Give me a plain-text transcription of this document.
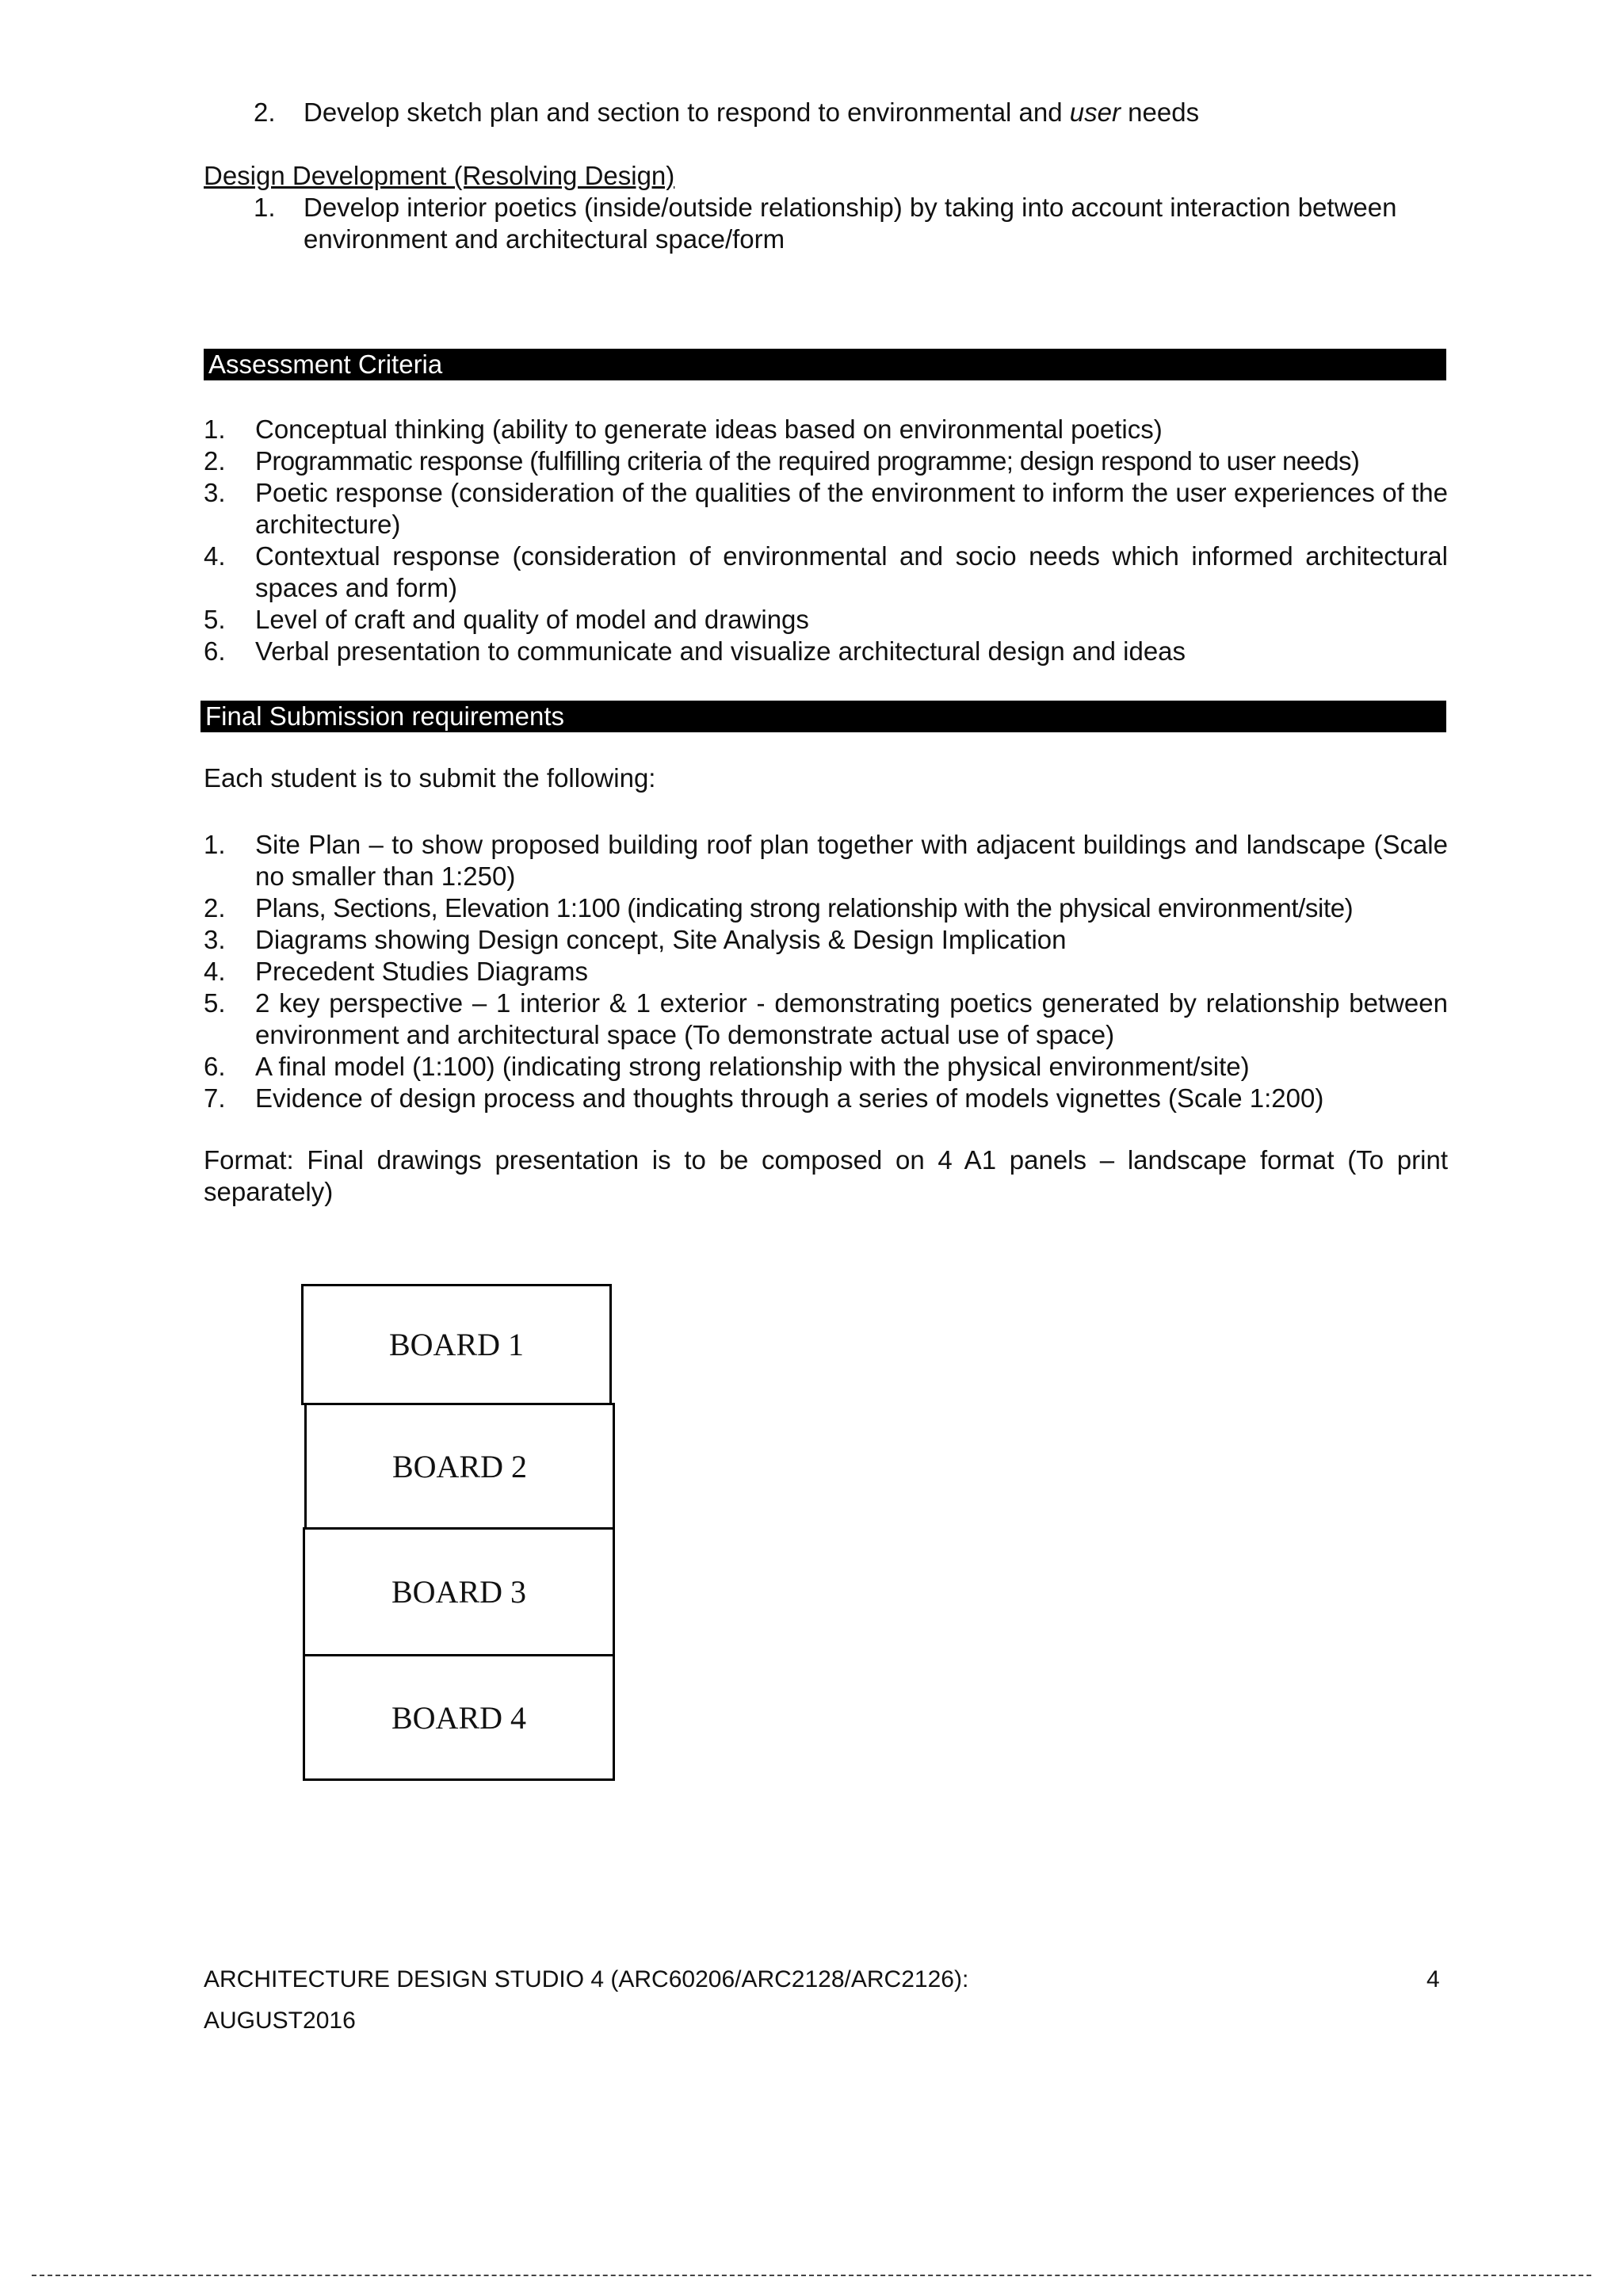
2. Develop sketch plan and section to respond to environmental and user needs
Design Development (Resolving Design)
1. Develop interior poetics (inside/outside relationship) by taking into account interaction between environment and architectural space/form
Assessment Criteria
1. Conceptual thinking (ability to generate ideas based on environmental poetics)
2. Programmatic response (fulfilling criteria of the required programme; design respond to user needs)
3. Poetic response (consideration of the qualities of the environment to inform the user experiences of the architecture)
4. Contextual response (consideration of environmental and socio needs which informed architectural spaces and form)
5. Level of craft and quality of model and drawings
6. Verbal presentation to communicate and visualize architectural design and ideas
Final Submission requirements
Each student is to submit the following:
1. Site Plan – to show proposed building roof plan together with adjacent buildings and landscape (Scale no smaller than 1:250)
2. Plans, Sections, Elevation 1:100 (indicating strong relationship with the physical environment/site)
3. Diagrams showing Design concept, Site Analysis & Design Implication
4. Precedent Studies Diagrams
5. 2 key perspective – 1 interior & 1 exterior - demonstrating poetics generated by relationship between environment and architectural space (To demonstrate actual use of space)
6. A final model (1:100) (indicating strong relationship with the physical environment/site)
7. Evidence of design process and thoughts through a series of models vignettes (Scale 1:200)
Format: Final drawings presentation is to be composed on 4 A1 panels – landscape format (To print separately)
BOARD 1
BOARD 2
BOARD 3
BOARD 4
ARCHITECTURE DESIGN STUDIO 4 (ARC60206/ARC2128/ARC2126):
AUGUST2016
4
